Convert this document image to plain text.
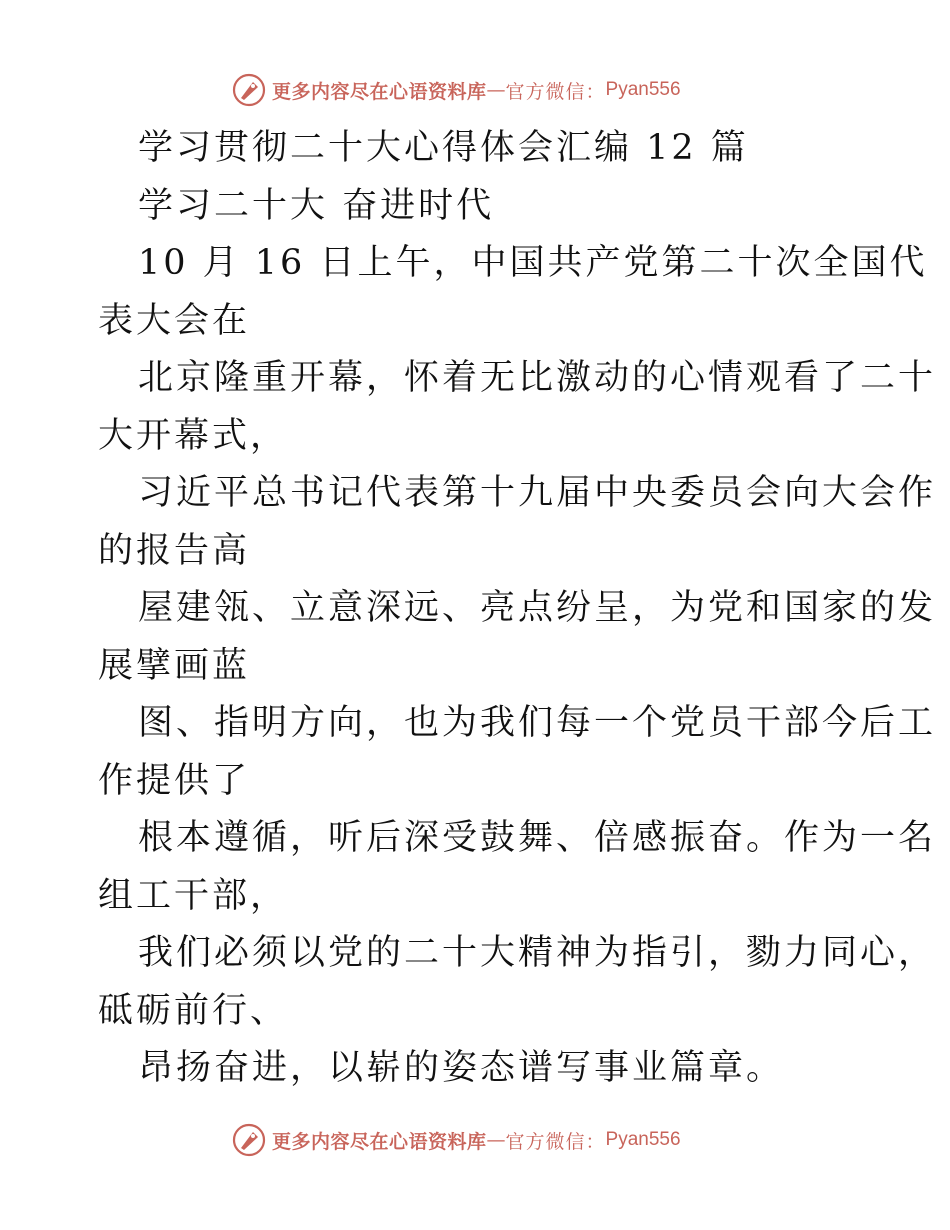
更多内容尽在心语资料库 — 官方微信： Pyan556
学习贯彻二十大心得体会汇编 12 篇
学习二十大 奋进时代
10 月 16 日上午，中国共产党第二十次全国代
表大会在
北京隆重开幕，怀着无比激动的心情观看了二十
大开幕式，
习近平总书记代表第十九届中央委员会向大会作
的报告高
屋建瓴、立意深远、亮点纷呈，为党和国家的发
展擘画蓝
图、指明方向，也为我们每一个党员干部今后工
作提供了
根本遵循，听后深受鼓舞、倍感振奋。作为一名
组工干部，
我们必须以党的二十大精神为指引，勠力同心，
砥砺前行、
昂扬奋进，以崭的姿态谱写事业篇章。
更多内容尽在心语资料库 — 官方微信： Pyan556
